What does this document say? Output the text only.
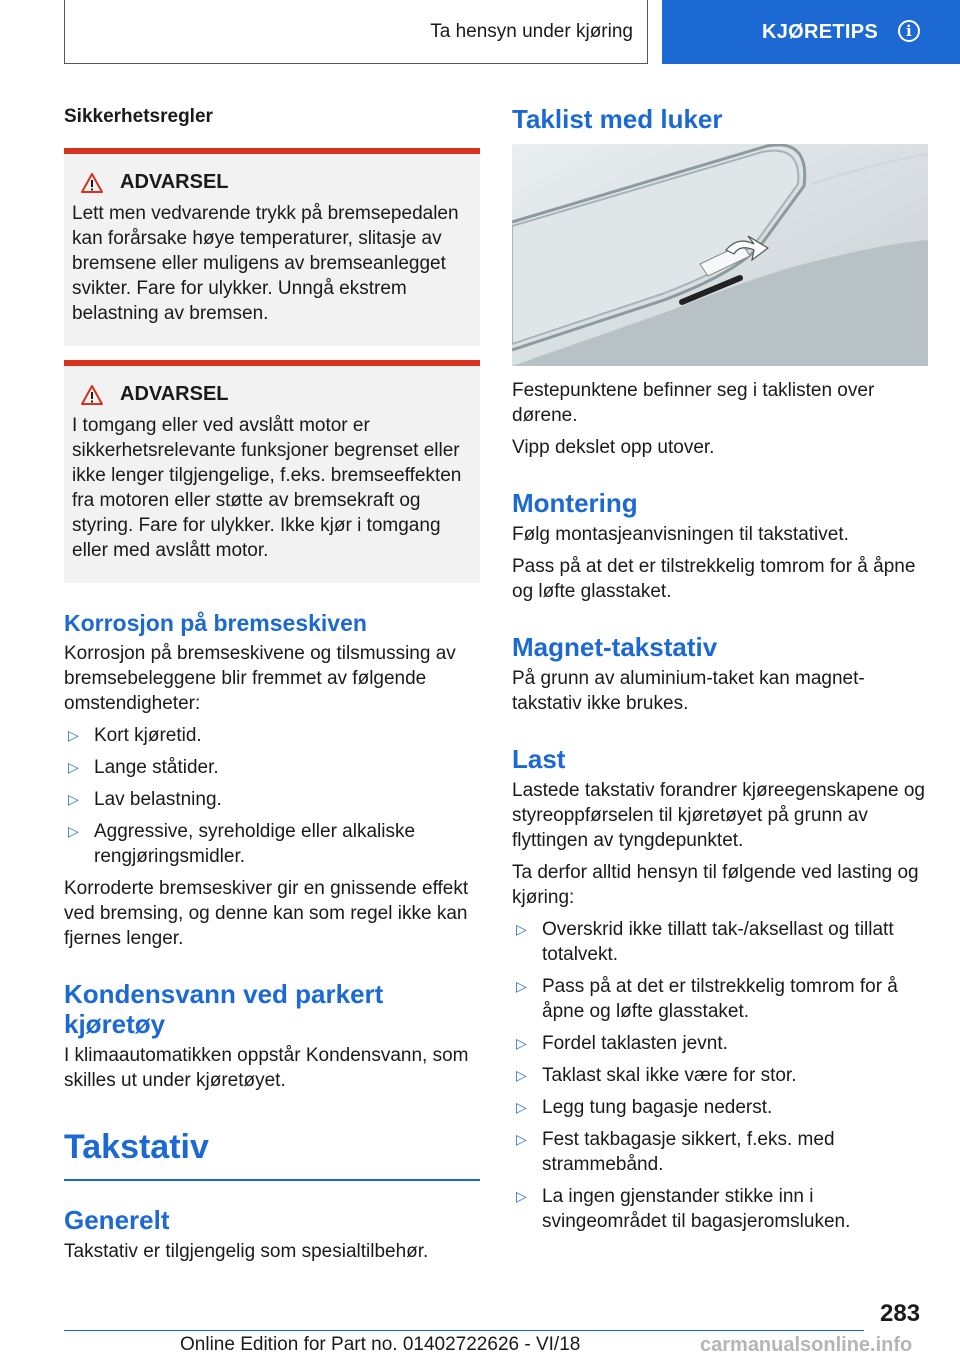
Ta hensyn under kjøring	KJØRETIPS	i
Sikkerhetsregler
ADVARSEL
Lett men vedvarende trykk på bremsepedalen kan forårsake høye temperaturer, slitasje av bremsene eller muligens av bremseanlegget svikter. Fare for ulykker. Unngå ekstrem belastning av bremsen.
ADVARSEL
I tomgang eller ved avslått motor er sikkerhetsrelevante funksjoner begrenset eller ikke lenger tilgjengelige, f.eks. bremseeffekten fra motoren eller støtte av bremsekraft og styring. Fare for ulykker. Ikke kjør i tomgang eller med avslått motor.
Korrosjon på bremseskiven
Korrosjon på bremseskivene og tilsmussing av bremsebeleggene blir fremmet av følgende omstendigheter:
▷ Kort kjøretid.
▷ Lange ståtider.
▷ Lav belastning.
▷ Aggressive, syreholdige eller alkaliske rengjøringsmidler.
Korroderte bremseskiver gir en gnissende effekt ved bremsing, og denne kan som regel ikke kan fjernes lenger.
Kondensvann ved parkert kjøretøy
I klimaautomatikken oppstår Kondensvann, som skilles ut under kjøretøyet.
Takstativ
Generelt
Takstativ er tilgjengelig som spesialtilbehør.
Taklist med luker
Festepunktene befinner seg i taklisten over dørene.
Vipp dekslet opp utover.
Montering
Følg montasjeanvisningen til takstativet.
Pass på at det er tilstrekkelig tomrom for å åpne og løfte glasstaket.
Magnet-takstativ
På grunn av aluminium-taket kan magnet-takstativ ikke brukes.
Last
Lastede takstativ forandrer kjøreegenskapene og styreoppførselen til kjøretøyet på grunn av flyttingen av tyngdepunktet.
Ta derfor alltid hensyn til følgende ved lasting og kjøring:
▷ Overskrid ikke tillatt tak-/aksellast og tillatt totalvekt.
▷ Pass på at det er tilstrekkelig tomrom for å åpne og løfte glasstaket.
▷ Fordel taklasten jevnt.
▷ Taklast skal ikke være for stor.
▷ Legg tung bagasje nederst.
▷ Fest takbagasje sikkert, f.eks. med strammebånd.
▷ La ingen gjenstander stikke inn i svingeområdet til bagasjeromsluken.
283
Online Edition for Part no. 01402722626 - VI/18	carmanualsonline.info
